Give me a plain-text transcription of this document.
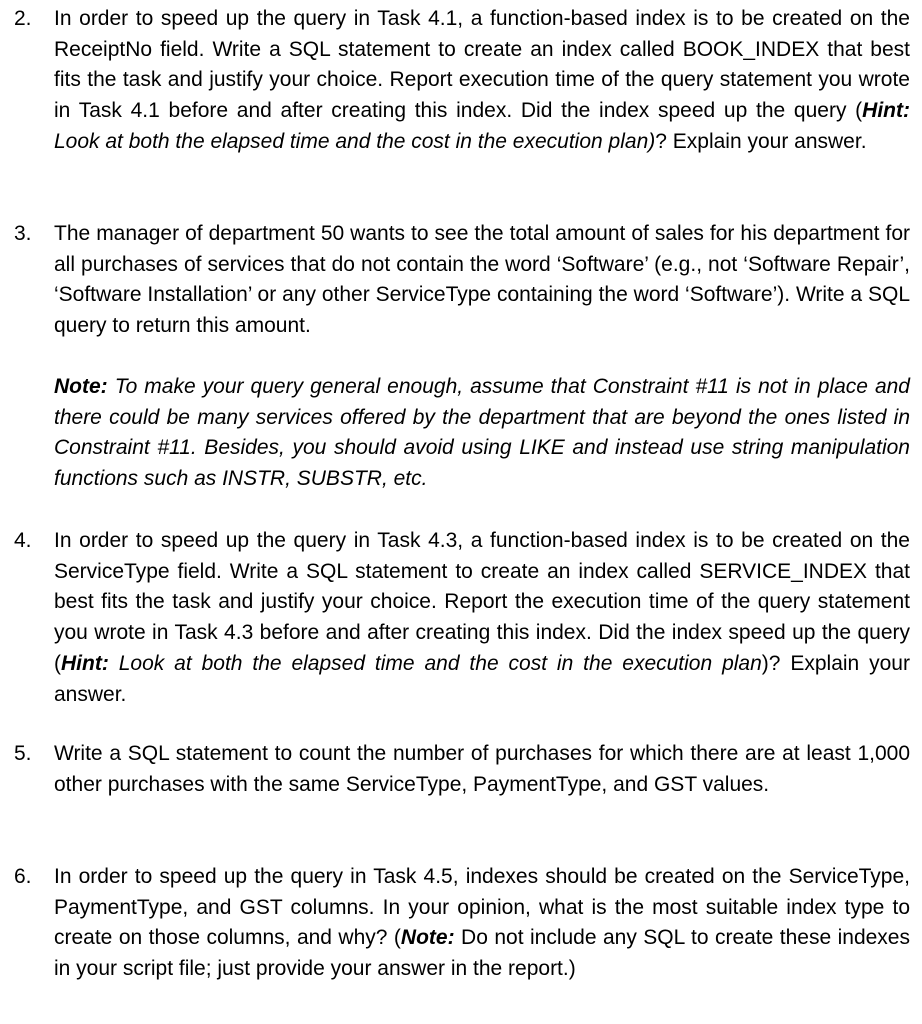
2.	In order to speed up the query in Task 4.1, a function-based index is to be created on the ReceiptNo field. Write a SQL statement to create an index called BOOK_INDEX that best fits the task and justify your choice. Report execution time of the query statement you wrote in Task 4.1 before and after creating this index. Did the index speed up the query (Hint: Look at both the elapsed time and the cost in the execution plan)? Explain your answer.
3.	The manager of department 50 wants to see the total amount of sales for his department for all purchases of services that do not contain the word ‘Software’ (e.g., not ‘Software Repair’, ‘Software Installation’ or any other ServiceType containing the word ‘Software’). Write a SQL query to return this amount.
Note: To make your query general enough, assume that Constraint #11 is not in place and there could be many services offered by the department that are beyond the ones listed in Constraint #11. Besides, you should avoid using LIKE and instead use string manipulation functions such as INSTR, SUBSTR, etc.
4.	In order to speed up the query in Task 4.3, a function-based index is to be created on the ServiceType field. Write a SQL statement to create an index called SERVICE_INDEX that best fits the task and justify your choice. Report the execution time of the query statement you wrote in Task 4.3 before and after creating this index. Did the index speed up the query (Hint: Look at both the elapsed time and the cost in the execution plan)? Explain your answer.
5.	Write a SQL statement to count the number of purchases for which there are at least 1,000 other purchases with the same ServiceType, PaymentType, and GST values.
6.	In order to speed up the query in Task 4.5, indexes should be created on the ServiceType, PaymentType, and GST columns. In your opinion, what is the most suitable index type to create on those columns, and why? (Note: Do not include any SQL to create these indexes in your script file; just provide your answer in the report.)
